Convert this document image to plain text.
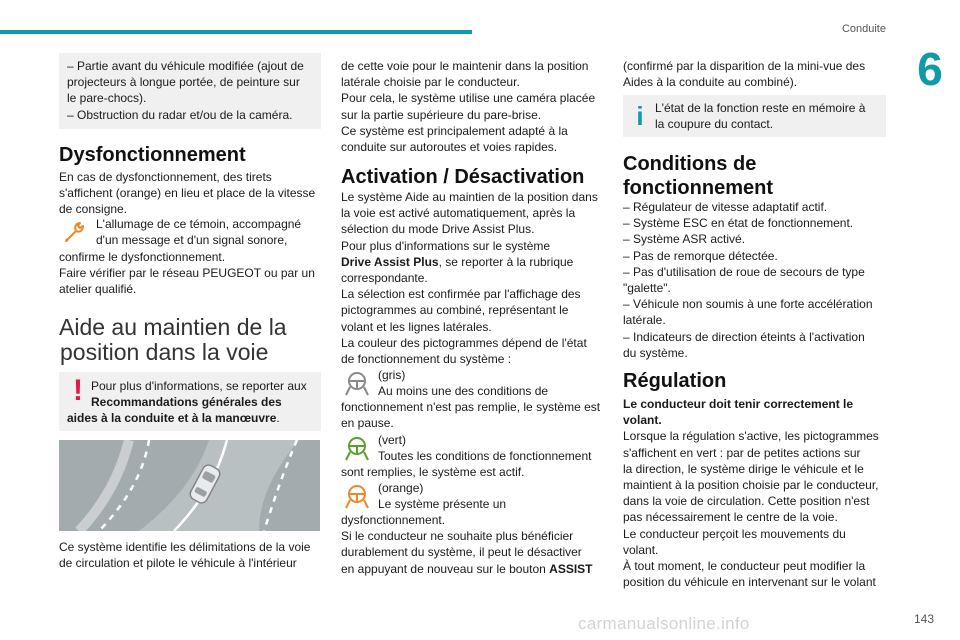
Conduite
6
– Partie avant du véhicule modifiée (ajout de
projecteurs à longue portée, de peinture sur
le pare-chocs).
– Obstruction du radar et/ou de la caméra.
Dysfonctionnement
En cas de dysfonctionnement, des tirets
s'affichent (orange) en lieu et place de la vitesse
de consigne.
L'allumage de ce témoin, accompagné
d'un message et d'un signal sonore,
confirme le dysfonctionnement.
Faire vérifier par le réseau PEUGEOT ou par un
atelier qualifié.
Aide au maintien de la
position dans la voie
! Pour plus d'informations, se reporter aux
Recommandations générales des
aides à la conduite et à la manœuvre.
Ce système identifie les délimitations de la voie
de circulation et pilote le véhicule à l'intérieur
de cette voie pour le maintenir dans la position
latérale choisie par le conducteur.
Pour cela, le système utilise une caméra placée
sur la partie supérieure du pare-brise.
Ce système est principalement adapté à la
conduite sur autoroutes et voies rapides.
Activation / Désactivation
Le système Aide au maintien de la position dans
la voie est activé automatiquement, après la
sélection du mode Drive Assist Plus.
Pour plus d'informations sur le système
Drive Assist Plus, se reporter à la rubrique
correspondante.
La sélection est confirmée par l'affichage des
pictogrammes au combiné, représentant le
volant et les lignes latérales.
La couleur des pictogrammes dépend de l'état
de fonctionnement du système :
(gris)
Au moins une des conditions de
fonctionnement n'est pas remplie, le système est
en pause.
(vert)
Toutes les conditions de fonctionnement
sont remplies, le système est actif.
(orange)
Le système présente un
dysfonctionnement.
Si le conducteur ne souhaite plus bénéficier
durablement du système, il peut le désactiver
en appuyant de nouveau sur le bouton ASSIST
(confirmé par la disparition de la mini-vue des
Aides à la conduite au combiné).
i L'état de la fonction reste en mémoire à
la coupure du contact.
Conditions de
fonctionnement
– Régulateur de vitesse adaptatif actif.
– Système ESC en état de fonctionnement.
– Système ASR activé.
– Pas de remorque détectée.
– Pas d'utilisation de roue de secours de type
"galette".
– Véhicule non soumis à une forte accélération
latérale.
– Indicateurs de direction éteints à l'activation
du système.
Régulation
Le conducteur doit tenir correctement le
volant.
Lorsque la régulation s'active, les pictogrammes
s'affichent en vert : par de petites actions sur
la direction, le système dirige le véhicule et le
maintient à la position choisie par le conducteur,
dans la voie de circulation. Cette position n'est
pas nécessairement le centre de la voie.
Le conducteur perçoit les mouvements du
volant.
À tout moment, le conducteur peut modifier la
position du véhicule en intervenant sur le volant
carmanualsonline.info	143
